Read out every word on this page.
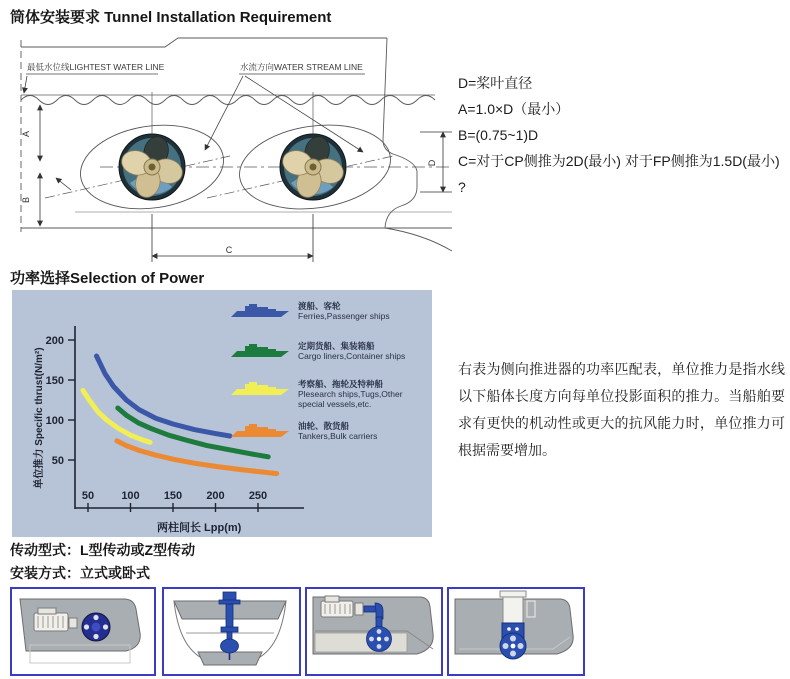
筒体安装要求 Tunnel Installation Requirement
最低水位线LIGHTEST WATER LINE	水流方向WATER STREAM LINE
A
B
C
D
D=桨叶直径
A=1.0×D（最小）
B=(0.75~1)D
C=对于CP侧推为2D(最小) 对于FP侧推为1.5D(最小)
?
功率选择Selection of Power
单位推力 Specific thrust(N/m²)
两柱间长 Lpp(m)
50 100 150 200 250
200
150
100
50
渡船、客轮
Ferries,Passenger ships
定期货船、集装箱船
Cargo liners,Container ships
考察船、拖轮及特种船
Plesearch ships,Tugs,Other special vessels,etc.
油轮、散货船
Tankers,Bulk carriers
右表为侧向推进器的功率匹配表，单位推力是指水线以下船体长度方向每单位投影面积的推力。当船舶要求有更快的机动性或更大的抗风能力时，单位推力可根据需要增加。
传动型式：L型传动或Z型传动
安装方式：立式或卧式
